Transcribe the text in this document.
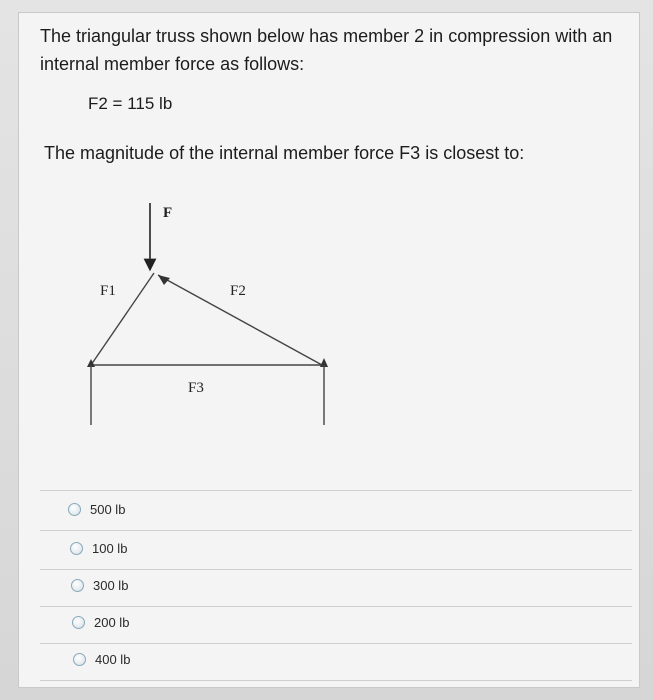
The triangular truss shown below has member 2 in compression with an
internal member force as follows:
F2 = 115 lb
The magnitude of the internal member force F3 is closest to:
F
F1	F2
F3
500 lb
100 lb
300 lb
200 lb
400 lb
